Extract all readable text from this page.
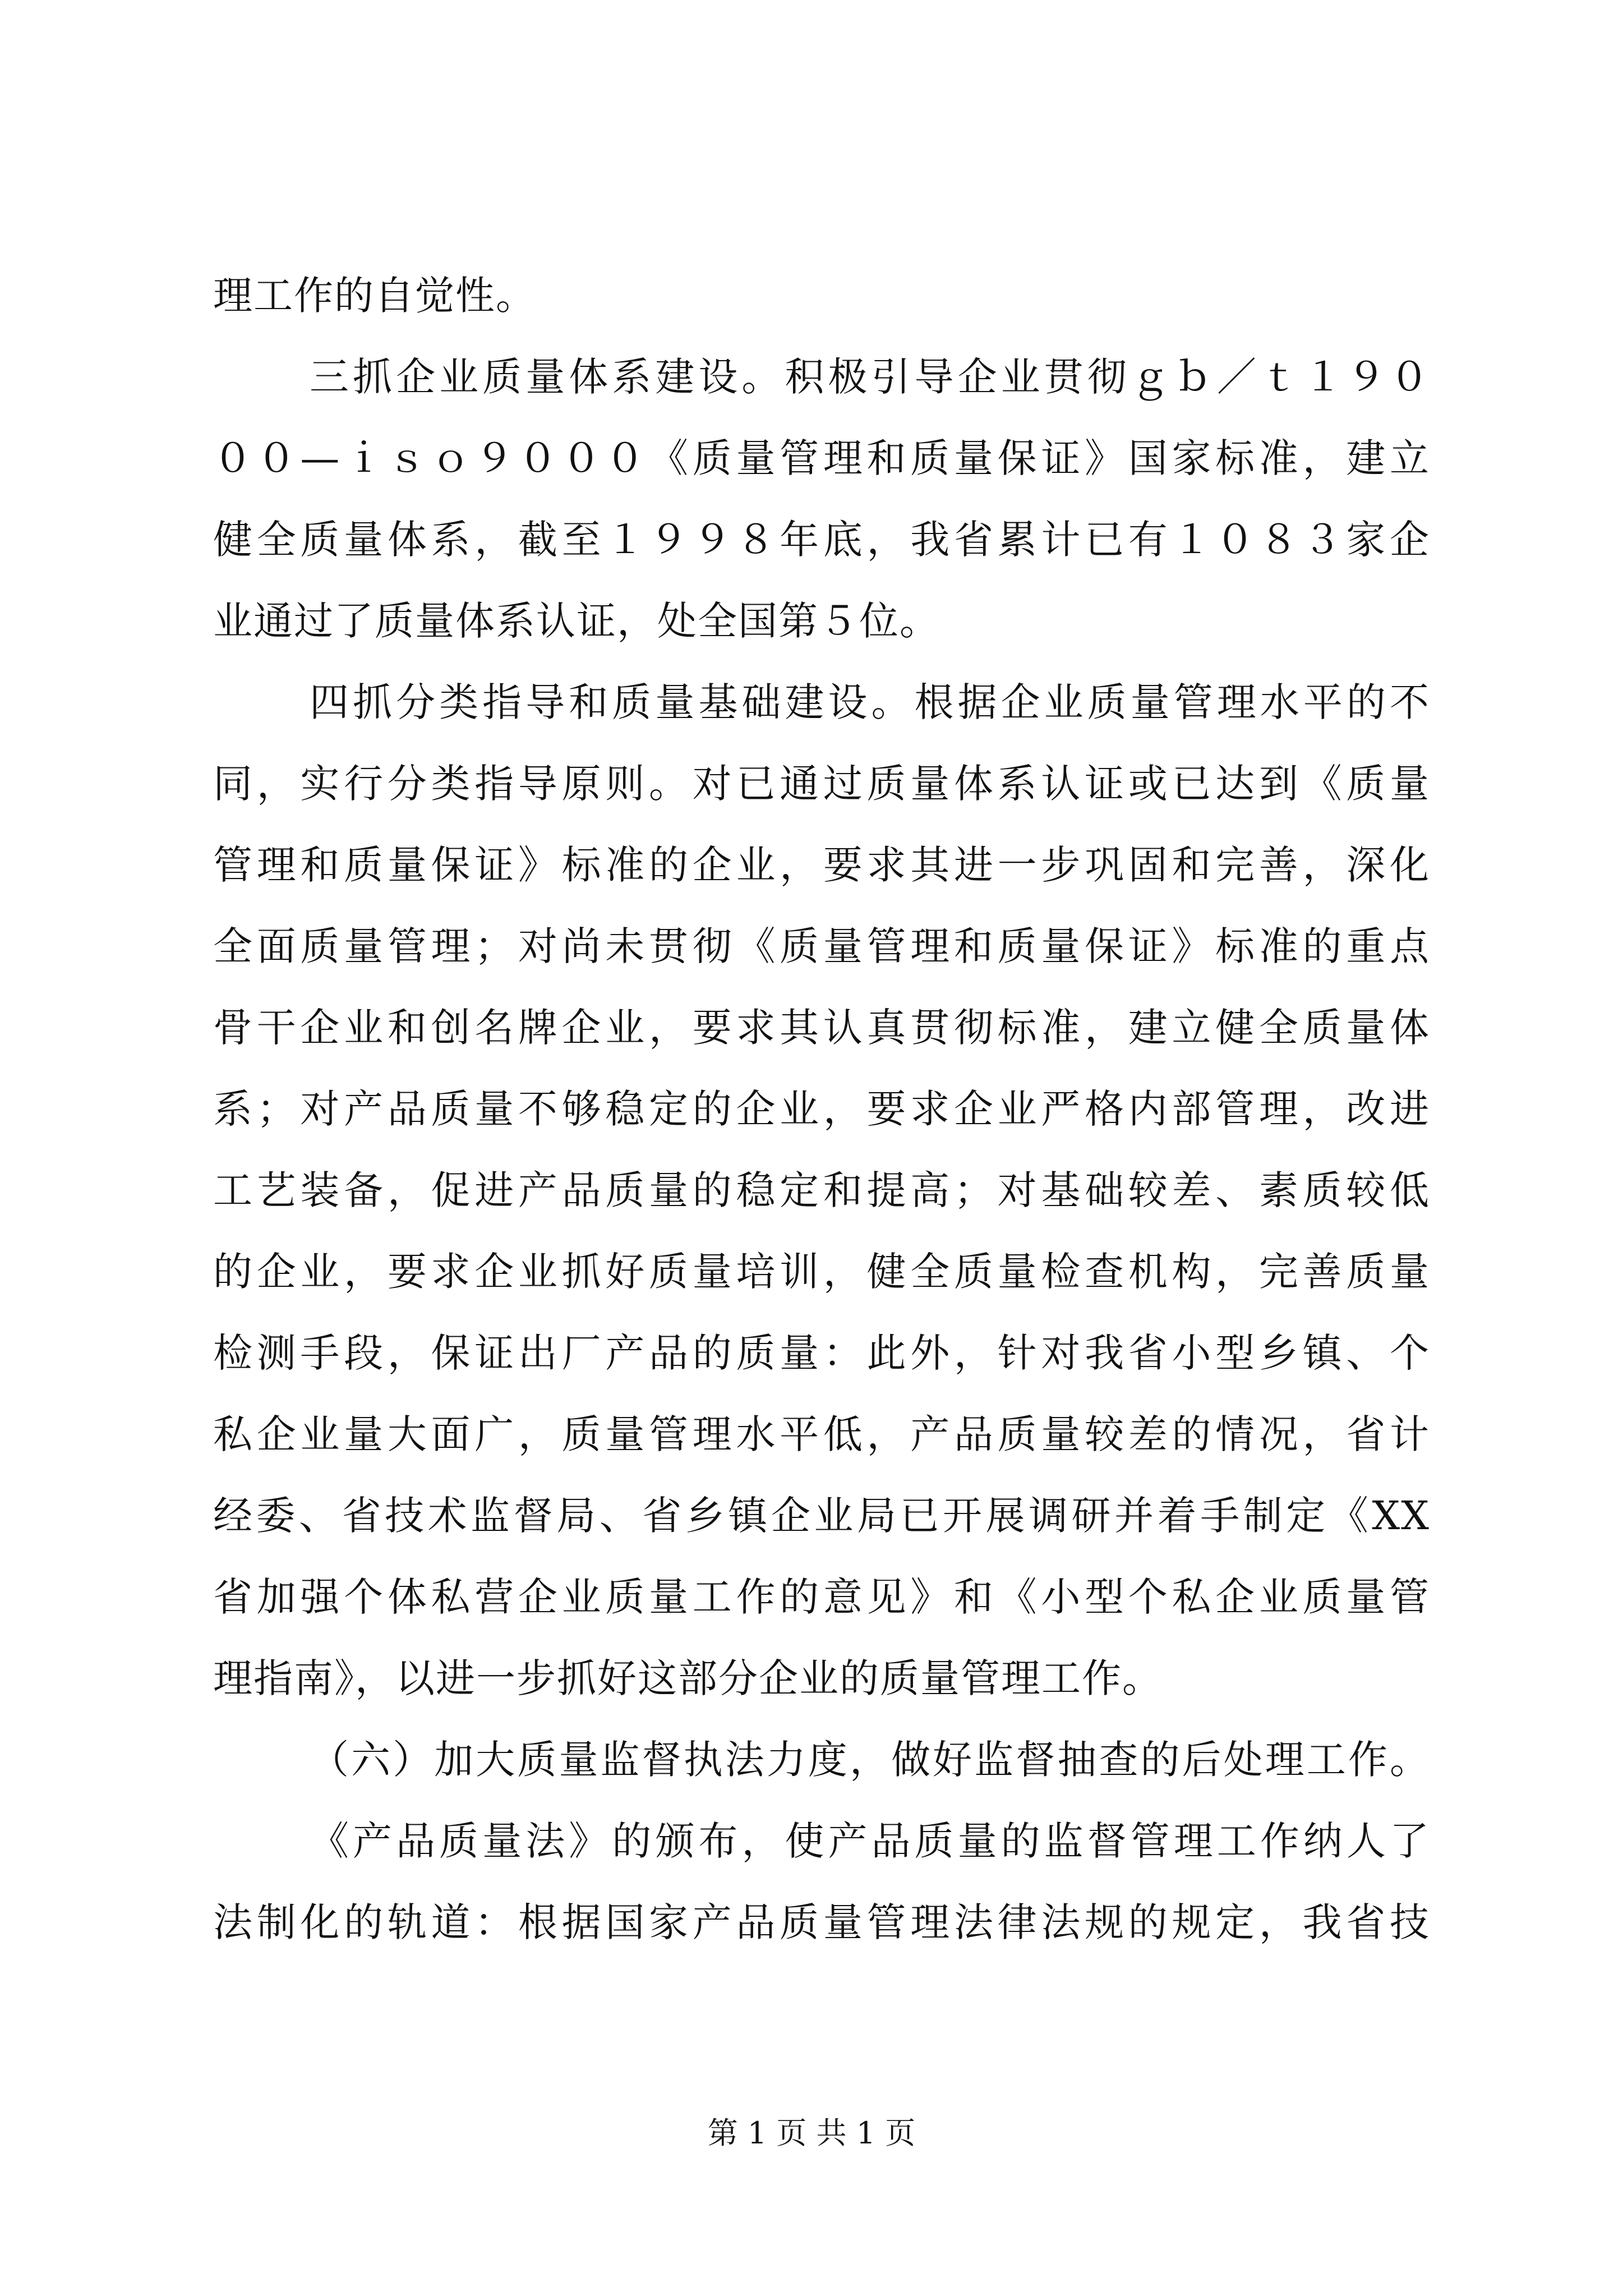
理工作的自觉性。
三抓企业质量体系建设。积极引导企业贯彻ｇｂ／ｔ１９０
００—ｉｓｏ９０００《质量管理和质量保证》国家标准，建立
健全质量体系，截至１９９８年底，我省累计已有１０８３家企
业通过了质量体系认证，处全国第５位。
四抓分类指导和质量基础建设。根据企业质量管理水平的不
同，实行分类指导原则。对已通过质量体系认证或已达到《质量
管理和质量保证》标准的企业，要求其进一步巩固和完善，深化
全面质量管理；对尚未贯彻《质量管理和质量保证》标准的重点
骨干企业和创名牌企业，要求其认真贯彻标准，建立健全质量体
系；对产品质量不够稳定的企业，要求企业严格内部管理，改进
工艺装备，促进产品质量的稳定和提高；对基础较差、素质较低
的企业，要求企业抓好质量培训，健全质量检查机构，完善质量
检测手段，保证出厂产品的质量：此外，针对我省小型乡镇、个
私企业量大面广，质量管理水平低，产品质量较差的情况，省计
经委、省技术监督局、省乡镇企业局已开展调研并着手制定《XX
省加强个体私营企业质量工作的意见》和《小型个私企业质量管
理指南》，以进一步抓好这部分企业的质量管理工作。
（六）加大质量监督执法力度，做好监督抽查的后处理工作。
《产品质量法》的颁布，使产品质量的监督管理工作纳人了
法制化的轨道：根据国家产品质量管理法律法规的规定，我省技
第 1 页 共 1 页
